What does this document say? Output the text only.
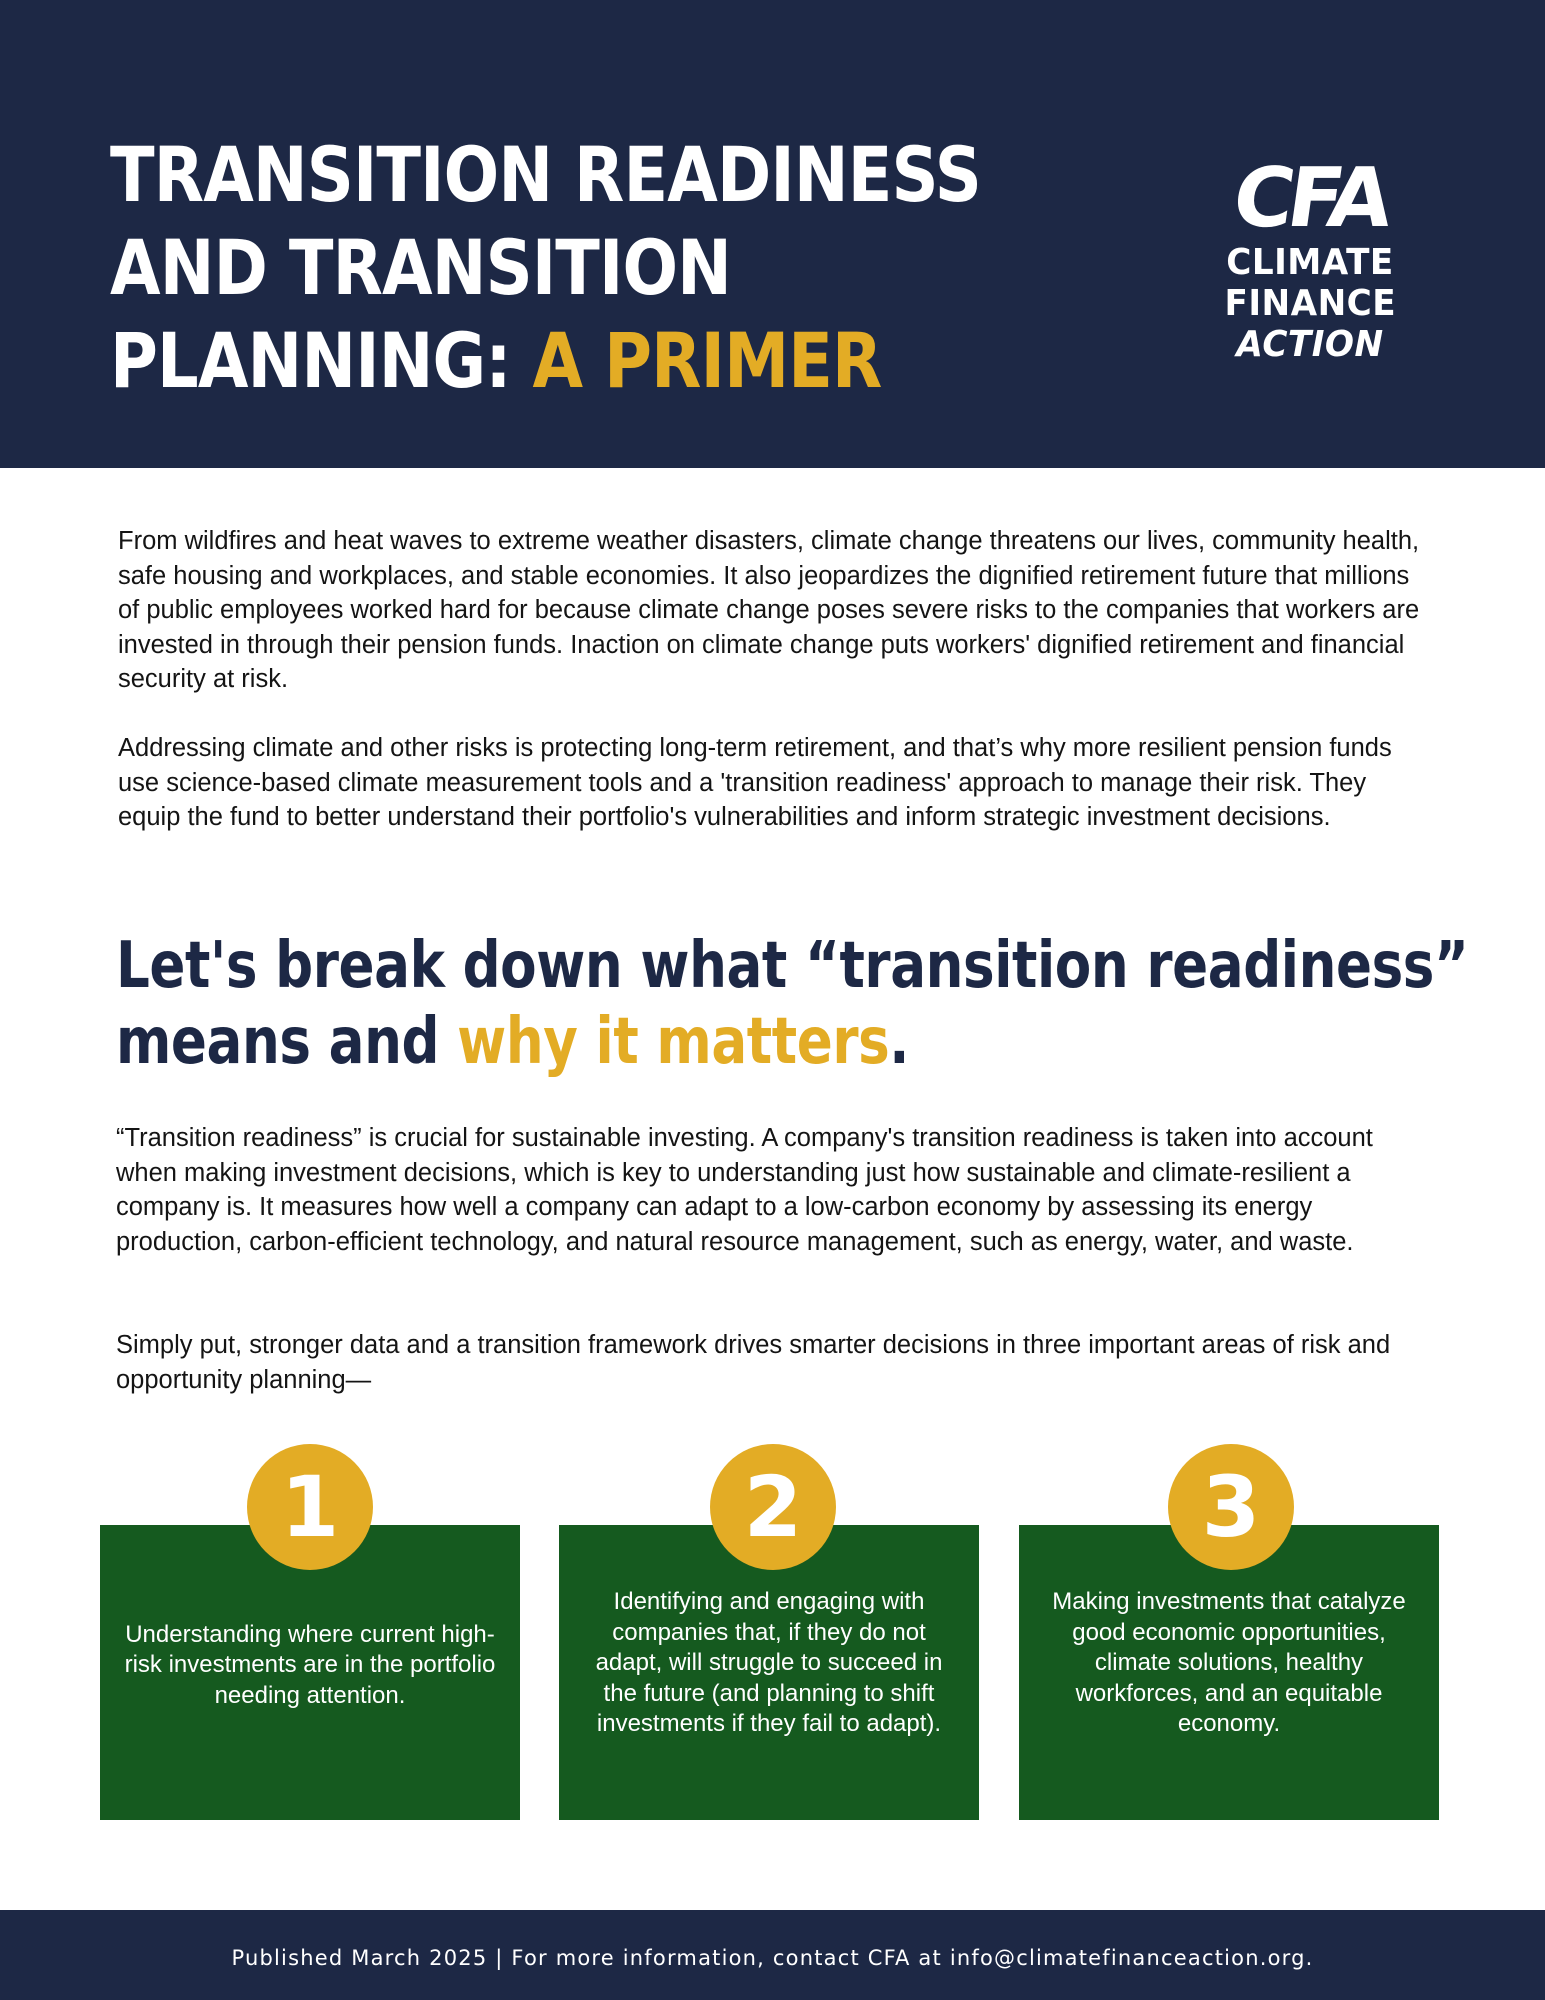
TRANSITION READINESS
AND TRANSITION
PLANNING: A PRIMER
CFA
CLIMATE
FINANCE
ACTION

From wildfires and heat waves to extreme weather disasters, climate change threatens our lives, community health, safe housing and workplaces, and stable economies. It also jeopardizes the dignified retirement future that millions of public employees worked hard for because climate change poses severe risks to the companies that workers are invested in through their pension funds. Inaction on climate change puts workers' dignified retirement and financial security at risk.

Addressing climate and other risks is protecting long-term retirement, and that’s why more resilient pension funds use science-based climate measurement tools and a 'transition readiness' approach to manage their risk. They equip the fund to better understand their portfolio's vulnerabilities and inform strategic investment decisions.

Let's break down what “transition readiness”
means and why it matters.

“Transition readiness” is crucial for sustainable investing. A company's transition readiness is taken into account when making investment decisions, which is key to understanding just how sustainable and climate-resilient a company is. It measures how well a company can adapt to a low-carbon economy by assessing its energy production, carbon-efficient technology, and natural resource management, such as energy, water, and waste.

Simply put, stronger data and a transition framework drives smarter decisions in three important areas of risk and opportunity planning—

Understanding where current high-risk investments are in the portfolio needing attention.
1
Identifying and engaging with companies that, if they do not adapt, will struggle to succeed in the future (and planning to shift investments if they fail to adapt).
2
Making investments that catalyze good economic opportunities, climate solutions, healthy workforces, and an equitable economy.
3
Published March 2025 | For more information, contact CFA at info@climatefinanceaction.org.
